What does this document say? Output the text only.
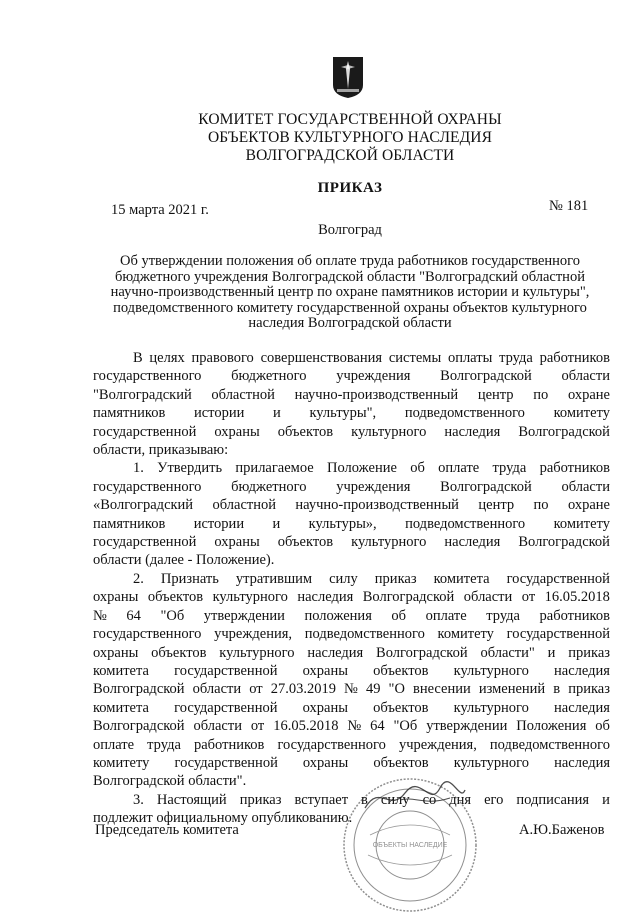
КОМИТЕТ ГОСУДАРСТВЕННОЙ ОХРАНЫ
ОБЪЕКТОВ КУЛЬТУРНОГО НАСЛЕДИЯ
ВОЛГОГРАДСКОЙ ОБЛАСТИ
ПРИКАЗ
15 марта 2021 г.	№ 181
Волгоград
Об утверждении положения об оплате труда работников государственного
бюджетного учреждения Волгоградской области "Волгоградский областной
научно-производственный центр по охране памятников истории и культуры",
подведомственного комитету государственной охраны объектов культурного
наследия Волгоградской области
В целях правового совершенствования системы оплаты труда работников
государственного бюджетного учреждения Волгоградской области
"Волгоградский областной научно-производственный центр по охране
памятников истории и культуры", подведомственного комитету
государственной охраны объектов культурного наследия Волгоградской
области, приказываю:
1. Утвердить прилагаемое Положение об оплате труда работников
государственного бюджетного учреждения Волгоградской области
«Волгоградский областной научно-производственный центр по охране
памятников истории и культуры», подведомственного комитету
государственной охраны объектов культурного наследия Волгоградской
области (далее - Положение).
2. Признать утратившим силу приказ комитета государственной
охраны объектов культурного наследия Волгоградской области от 16.05.2018
№ 64 "Об утверждении положения об оплате труда работников
государственного учреждения, подведомственного комитету государственной
охраны объектов культурного наследия Волгоградской области" и приказ
комитета государственной охраны объектов культурного наследия
Волгоградской области от 27.03.2019 № 49 "О внесении изменений в приказ
комитета государственной охраны объектов культурного наследия
Волгоградской области от 16.05.2018 № 64 "Об утверждении Положения об
оплате труда работников государственного учреждения, подведомственного
комитету государственной охраны объектов культурного наследия
Волгоградской области".
3. Настоящий приказ вступает в силу со дня его подписания и
подлежит официальному опубликованию.
Председатель комитета	А.Ю.Баженов
ОБЪЕКТЫ НАСЛЕДИЕ
